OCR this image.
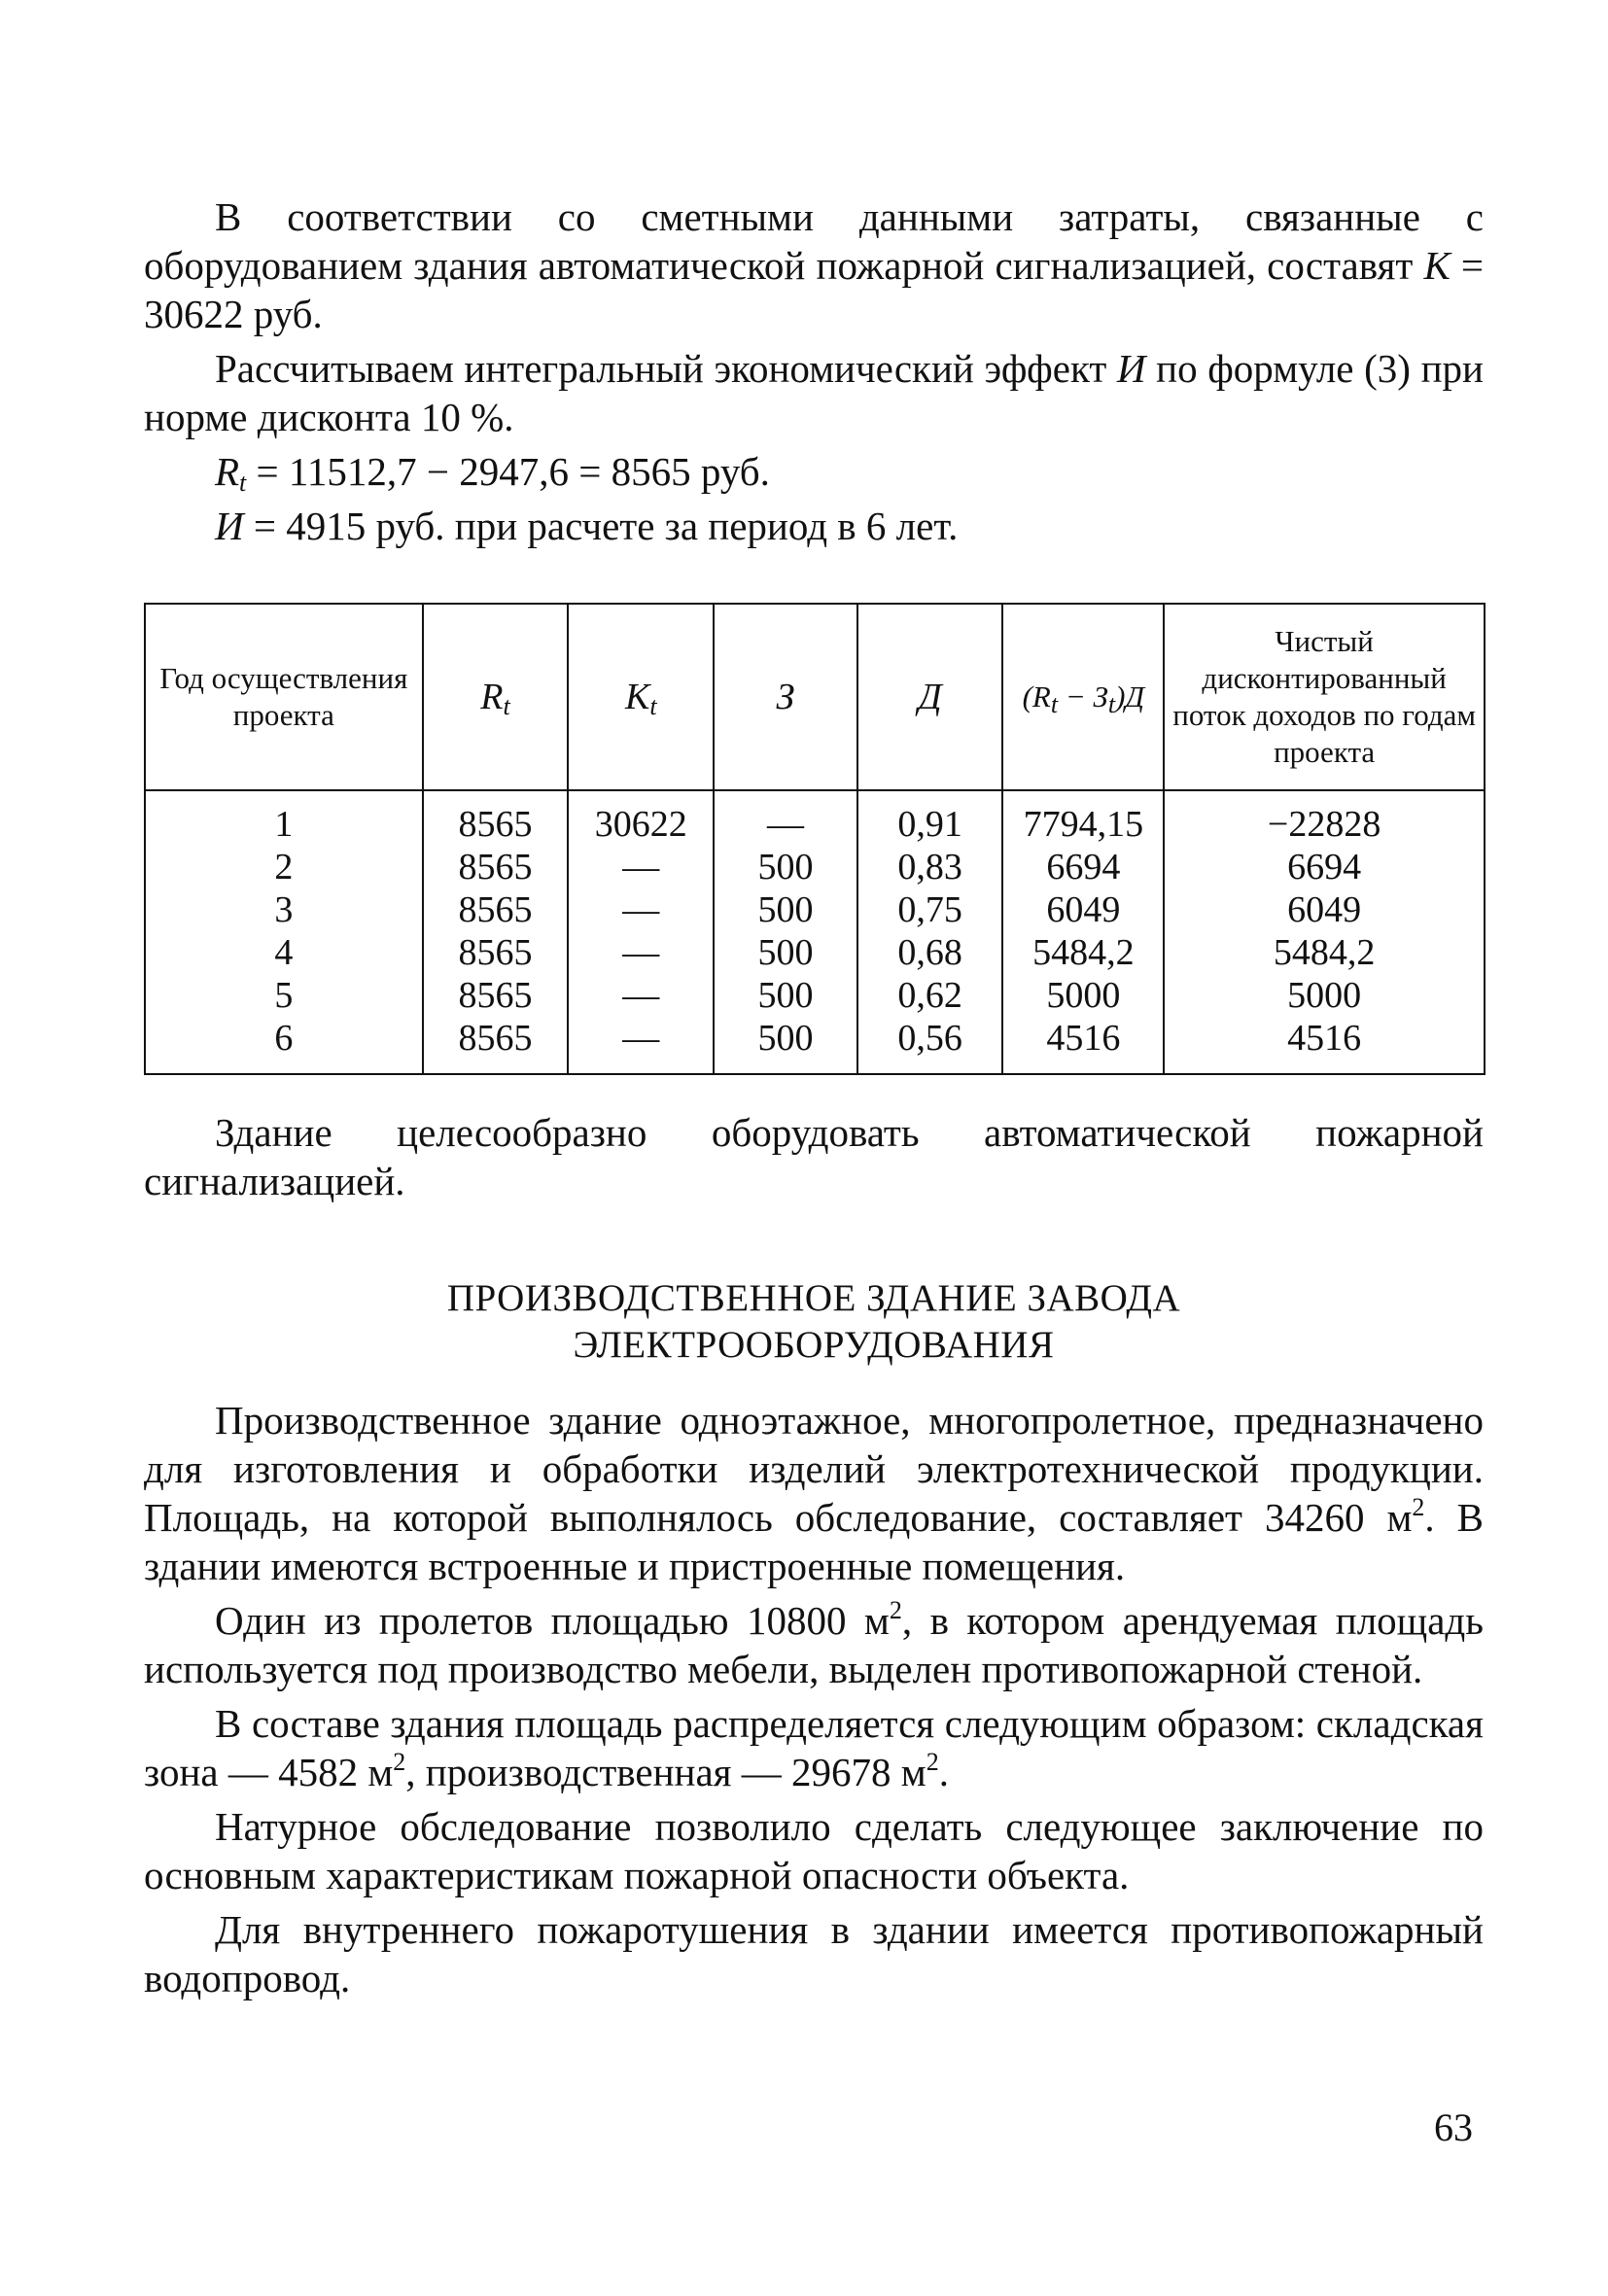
В соответствии со сметными данными затраты, связанные с оборудованием здания автоматической пожарной сигнализацией, составят К = 30622 руб.

Рассчитываем интегральный экономический эффект И по формуле (3) при норме дисконта 10 %.

$R_t = 11512,7 - 2947,6 = 8565$ руб.

И = 4915 руб. при расчете за период в 6 лет.

Год осуществления проекта	$R_t$	$K_t$	З	Д	$(R_t - З_t)Д$	Чистый дисконтированный поток доходов по годам проекта
1	8565	30622	—	0,91	7794,15	−22828
2	8565	—	500	0,83	6694	6694
3	8565	—	500	0,75	6049	6049
4	8565	—	500	0,68	5484,2	5484,2
5	8565	—	500	0,62	5000	5000
6	8565	—	500	0,56	4516	4516

Здание целесообразно оборудовать автоматической пожарной сигнализацией.

ПРОИЗВОДСТВЕННОЕ ЗДАНИЕ ЗАВОДА
ЭЛЕКТРООБОРУДОВАНИЯ

Производственное здание одноэтажное, многопролетное, предназначено для изготовления и обработки изделий электротехнической продукции. Площадь, на которой выполнялось обследование, составляет 34260 $м^2$. В здании имеются встроенные и пристроенные помещения.

Один из пролетов площадью 10800 $м^2$, в котором арендуемая площадь используется под производство мебели, выделен противопожарной стеной.

В составе здания площадь распределяется следующим образом: складская зона — 4582 $м^2$, производственная — 29678 $м^2$.

Натурное обследование позволило сделать следующее заключение по основным характеристикам пожарной опасности объекта.

Для внутреннего пожаротушения в здании имеется противопожарный водопровод.

63
